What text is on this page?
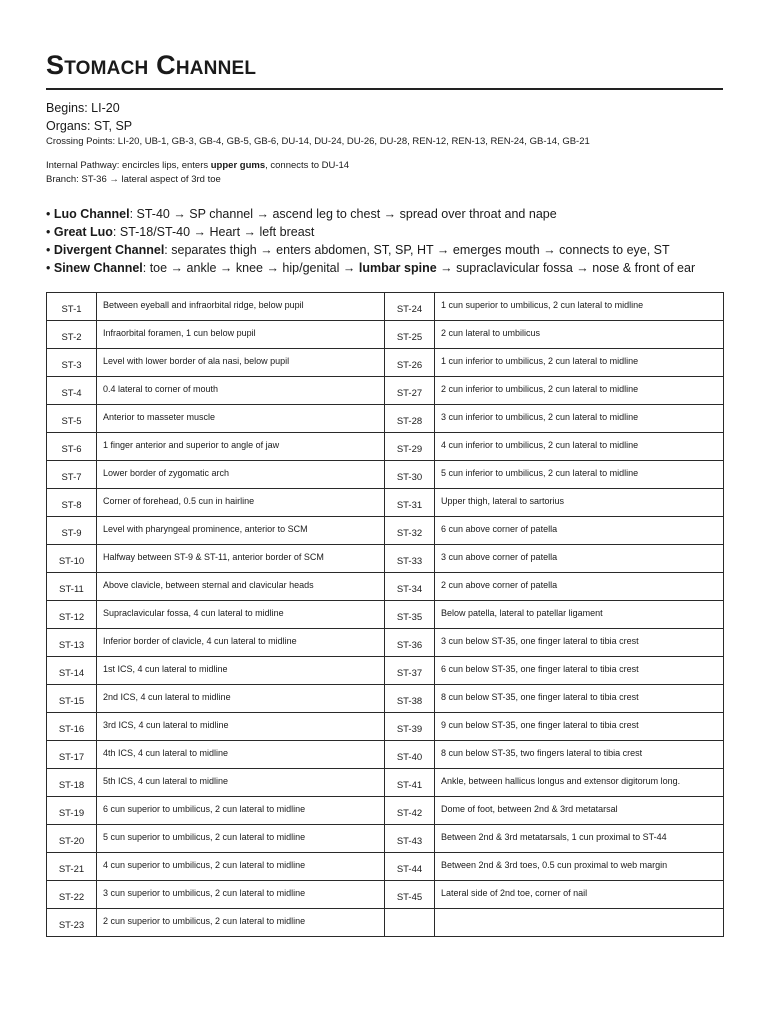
Stomach Channel
Begins: LI-20
Organs: ST, SP
Crossing Points: LI-20, UB-1, GB-3, GB-4, GB-5, GB-6, DU-14, DU-24, DU-26, DU-28, REN-12, REN-13, REN-24, GB-14, GB-21
Internal Pathway: encircles lips, enters upper gums, connects to DU-14
Branch: ST-36 → lateral aspect of 3rd toe
• Luo Channel: ST-40 → SP channel → ascend leg to chest → spread over throat and nape
• Great Luo: ST-18/ST-40 → Heart → left breast
• Divergent Channel: separates thigh → enters abdomen, ST, SP, HT → emerges mouth → connects to eye, ST
• Sinew Channel: toe → ankle → knee → hip/genital → lumbar spine → supraclavicular fossa → nose & front of ear
ST-1	Between eyeball and infraorbital ridge, below pupil	ST-24	1 cun superior to umbilicus, 2 cun lateral to midline
ST-2	Infraorbital foramen, 1 cun below pupil	ST-25	2 cun lateral to umbilicus
ST-3	Level with lower border of ala nasi, below pupil	ST-26	1 cun inferior to umbilicus, 2 cun lateral to midline
ST-4	0.4 lateral to corner of mouth	ST-27	2 cun inferior to umbilicus, 2 cun lateral to midline
ST-5	Anterior to masseter muscle	ST-28	3 cun inferior to umbilicus, 2 cun lateral to midline
ST-6	1 finger anterior and superior to angle of jaw	ST-29	4 cun inferior to umbilicus, 2 cun lateral to midline
ST-7	Lower border of zygomatic arch	ST-30	5 cun inferior to umbilicus, 2 cun lateral to midline
ST-8	Corner of forehead, 0.5 cun in hairline	ST-31	Upper thigh, lateral to sartorius
ST-9	Level with pharyngeal prominence, anterior to SCM	ST-32	6 cun above corner of patella
ST-10	Halfway between ST-9 & ST-11, anterior border of SCM	ST-33	3 cun above corner of patella
ST-11	Above clavicle, between sternal and clavicular heads	ST-34	2 cun above corner of patella
ST-12	Supraclavicular fossa, 4 cun lateral to midline	ST-35	Below patella, lateral to patellar ligament
ST-13	Inferior border of clavicle, 4 cun lateral to midline	ST-36	3 cun below ST-35, one finger lateral to tibia crest
ST-14	1st ICS, 4 cun lateral to midline	ST-37	6 cun below ST-35, one finger lateral to tibia crest
ST-15	2nd ICS, 4 cun lateral to midline	ST-38	8 cun below ST-35, one finger lateral to tibia crest
ST-16	3rd ICS, 4 cun lateral to midline	ST-39	9 cun below ST-35, one finger lateral to tibia crest
ST-17	4th ICS, 4 cun lateral to midline	ST-40	8 cun below ST-35, two fingers lateral to tibia crest
ST-18	5th ICS, 4 cun lateral to midline	ST-41	Ankle, between hallicus longus and extensor digitorum long.
ST-19	6 cun superior to umbilicus, 2 cun lateral to midline	ST-42	Dome of foot, between 2nd & 3rd metatarsal
ST-20	5 cun superior to umbilicus, 2 cun lateral to midline	ST-43	Between 2nd & 3rd metatarsals, 1 cun proximal to ST-44
ST-21	4 cun superior to umbilicus, 2 cun lateral to midline	ST-44	Between 2nd & 3rd toes, 0.5 cun proximal to web margin
ST-22	3 cun superior to umbilicus, 2 cun lateral to midline	ST-45	Lateral side of 2nd toe, corner of nail
ST-23	2 cun superior to umbilicus, 2 cun lateral to midline		
